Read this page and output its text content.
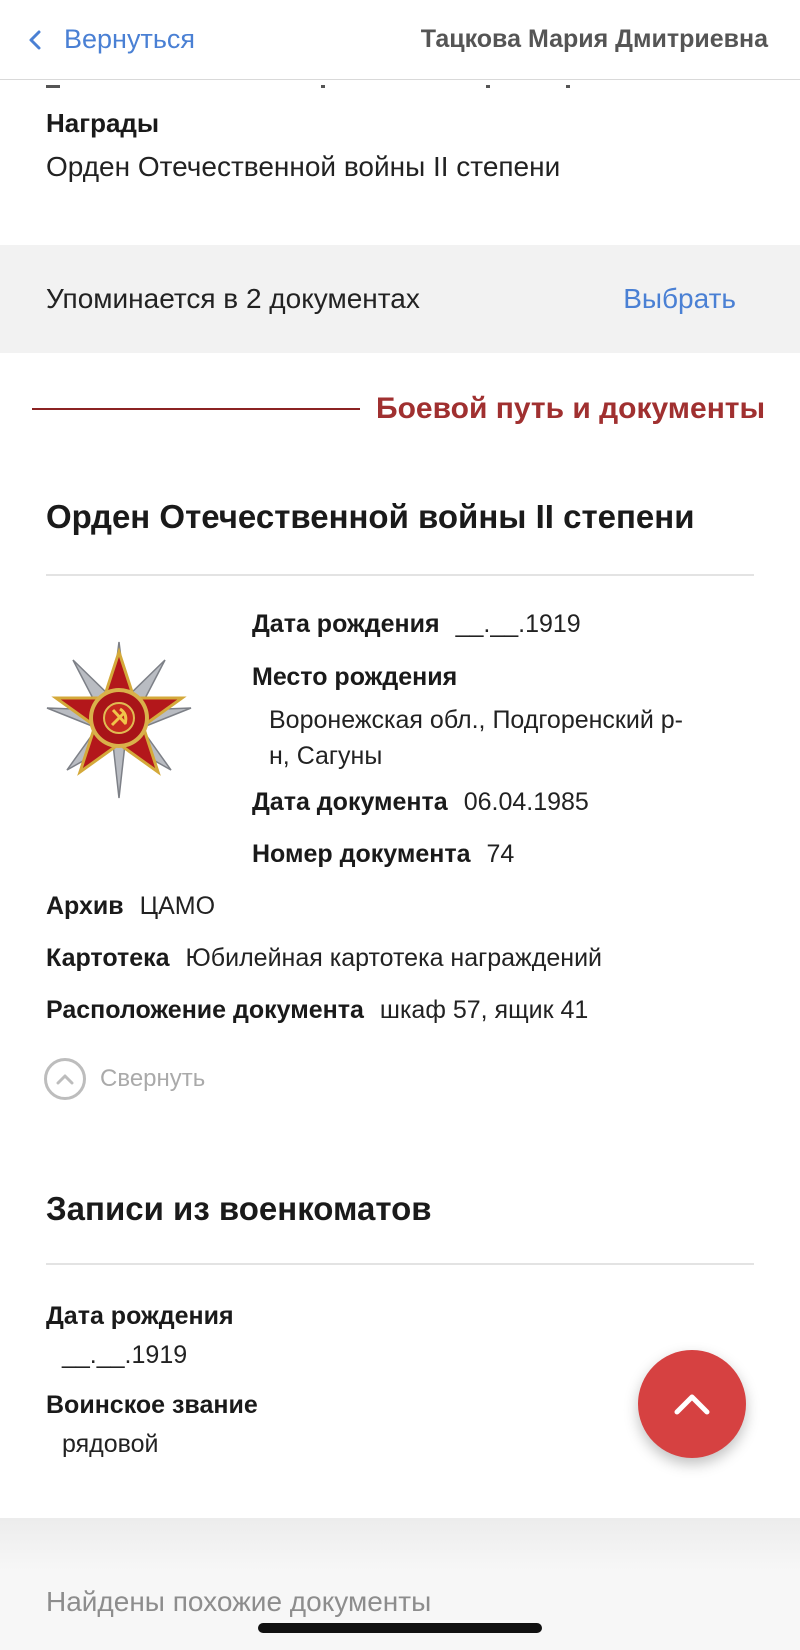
Вернуться	Тацкова Мария Дмитриевна
Награды
Орден Отечественной войны II степени
Упоминается в 2 документах	Выбрать
Боевой путь и документы
Орден Отечественной войны II степени
Дата рождения __.__.1919
Место рождения
Воронежская обл., Подгоренский р-н, Сагуны
Дата документа 06.04.1985
Номер документа 74
Архив ЦАМО
Картотека Юбилейная картотека награждений
Расположение документа шкаф 57, ящик 41
Свернуть
Записи из военкоматов
Дата рождения
__.__.1919
Воинское звание
рядовой
Найдены похожие документы
